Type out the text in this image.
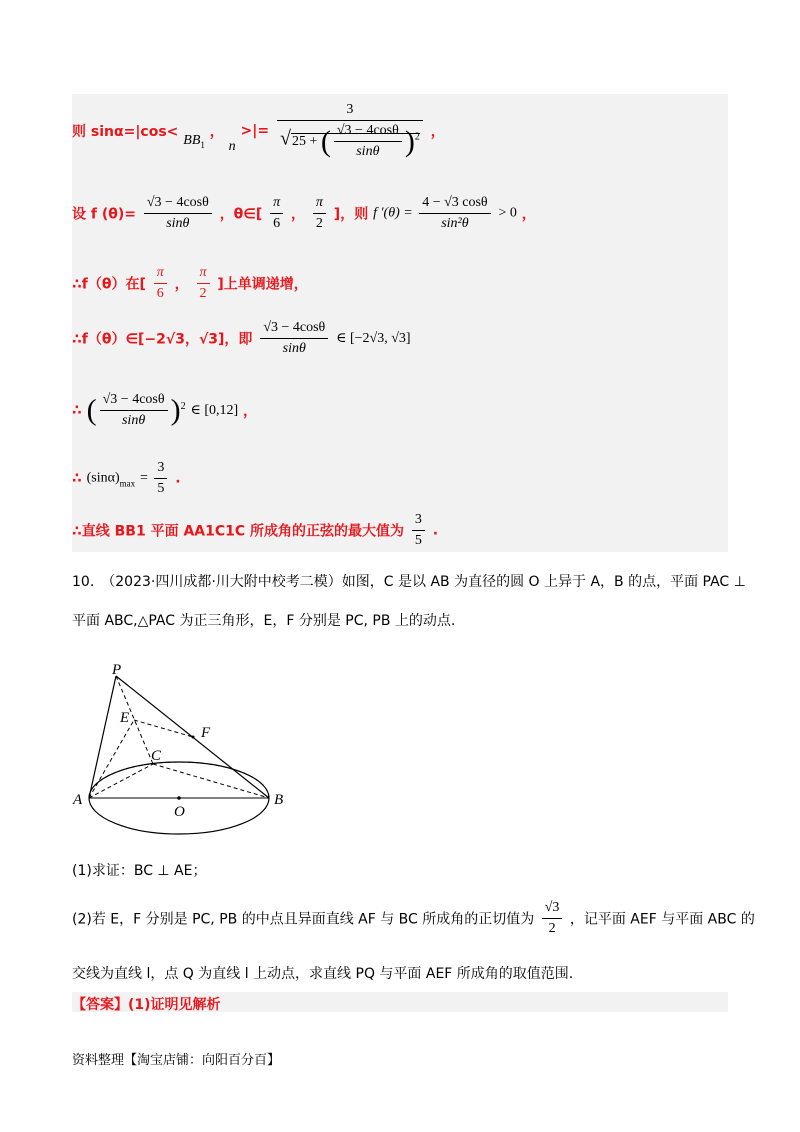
则 $\sin\alpha=|\cos< BB_1$ ， n >|= $\frac{3}{√25 + ( \frac{√3 - 4\cos\theta}{\sin\theta} )^2}$ ，
设 f $(\theta)= \frac{√3 - 4\cos\theta}{\sin\theta}$ ，θ∈[ $\frac{\pi}{6}$ ， $\frac{\pi}{2}$ ]，则 f $'(\theta) = \frac{4 - √3 \cos\theta}{\text{sin²θ}} > 0$ ，
∴f（θ）在[ $\frac{\pi}{6}$ ， $\frac{\pi}{2}$ ]上单调递增，
∴f（θ）∈[−2√3，√3]，即 $\frac{√3 - 4\cos\theta}{\sin\theta}$ ∈ [−2√3, √3]
∴ ( $\frac{√3 - 4\cos\theta}{\sin\theta} )^2$ ∈ [0,12] ，
∴ $(\sin\alpha)_{max} = \frac{3}{5}$ .
∴直线 BB1 平面 AA1C1C 所成角的正弦的最大值为 $\frac{3}{5}$ .
10.　（2023·四川成都·川大附中校考二模）如图，C 是以 AB 为直径的圆 O 上异于 A，B 的点，平面 PAC ⊥
平面 ABC,△PAC 为正三角形，E，F 分别是 PC, PB 上的动点.
P
E
F
C
A
O
B
(1)求证：BC ⊥ AE；
(2)若 E，F 分别是 PC, PB 的中点且异面直线 AF 与 BC 所成角的正切值为 $\frac{√3}{2}$ ，记平面 AEF 与平面 ABC 的
交线为直线 l，点 Q 为直线 l 上动点，求直线 PQ 与平面 AEF 所成角的取值范围.
【答案】(1)证明见解析
资料整理【淘宝店铺：向阳百分百】
